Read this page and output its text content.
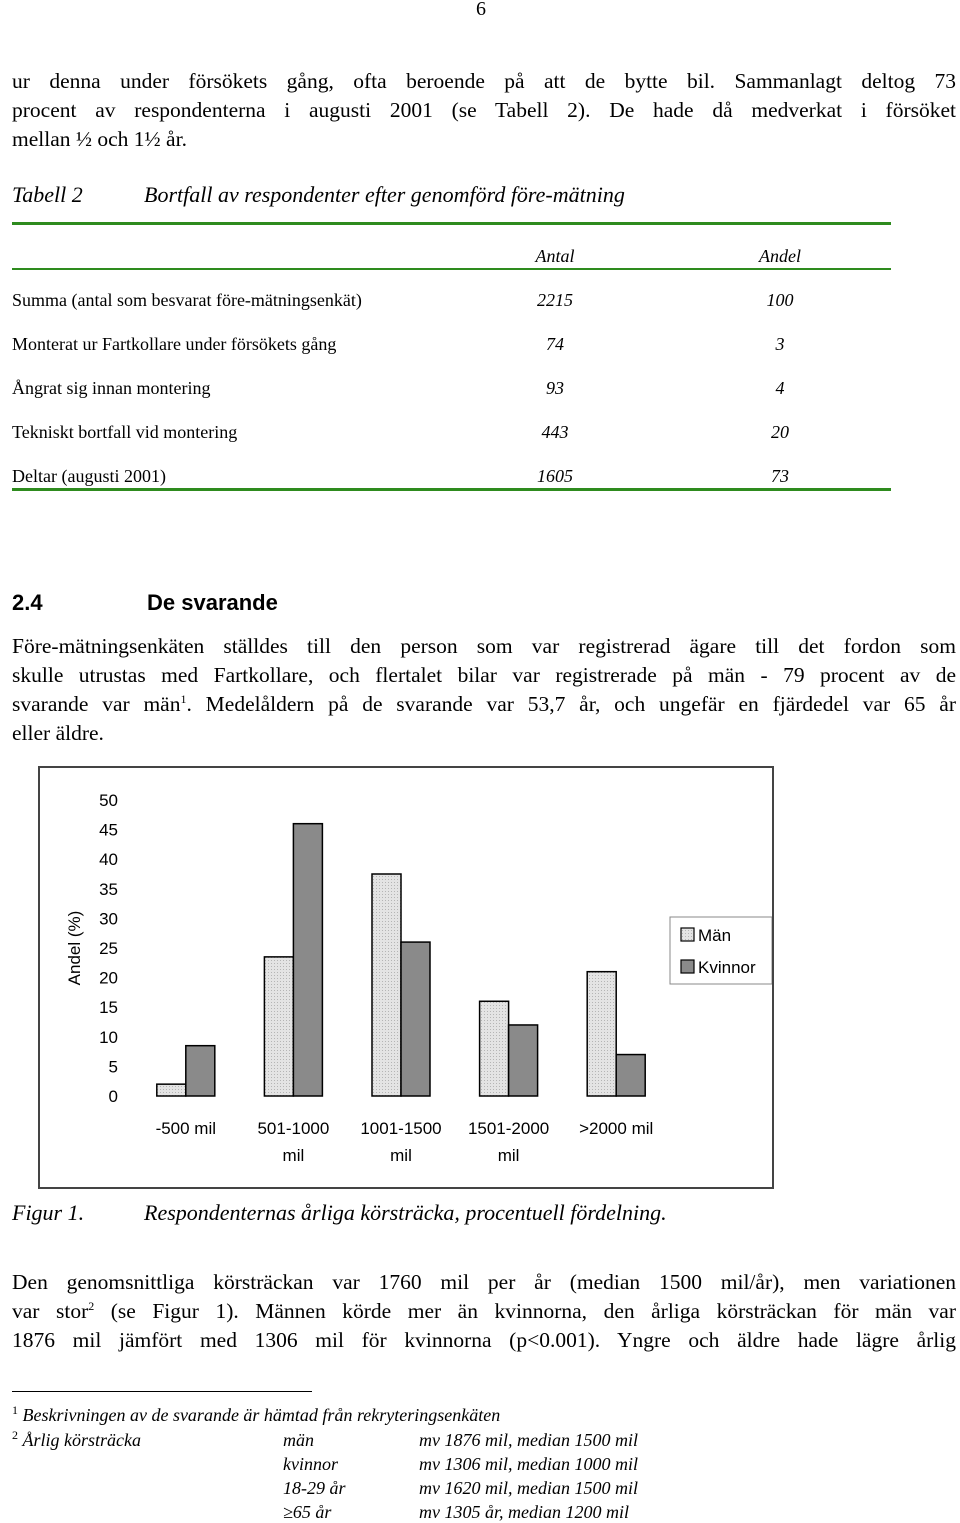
6
ur denna under försökets gång, ofta beroende på att de bytte bil. Sammanlagt deltog 73
procent av respondenterna i augusti 2001 (se Tabell 2). De hade då medverkat i försöket
mellan ½ och 1½ år.
Tabell 2	Bortfall av respondenter efter genomförd före-mätning
Antal	Andel
Summa (antal som besvarat före-mätningsenkät)	2215	100
Monterat ur Fartkollare under försökets gång	74	3
Ångrat sig innan montering	93	4
Tekniskt bortfall vid montering	443	20
Deltar (augusti 2001)	1605	73
2.4	De svarande
Före-mätningsenkäten ställdes till den person som var registrerad ägare till det fordon som
skulle utrustas med Fartkollare, och flertalet bilar var registrerade på män - 79 procent av de
svarande var män$^1$. Medelåldern på de svarande var 53,7 år, och ungefär en fjärdedel var 65 år
eller äldre.
0
5
10
15
20
25
30
35
40
45
50
Andel (%)
-500 mil 501-1000
mil
1001-1500
mil
1501-2000
mil
>2000 mil
Män
Kvinnor
Figur 1.	Respondenternas årliga körsträcka, procentuell fördelning.
Den genomsnittliga körsträckan var 1760 mil per år (median 1500 mil/år), men variationen
var stor$^2$ (se Figur 1). Männen körde mer än kvinnorna, den årliga körsträckan för män var
1876 mil jämfört med 1306 mil för kvinnorna (p<0.001). Yngre och äldre hade lägre årlig
$^1$ Beskrivningen av de svarande är hämtad från rekryteringsenkäten
$^2$ Årlig körsträcka	män	mv 1876 mil, median 1500 mil
kvinnor	mv 1306 mil, median 1000 mil
18-29 år	mv 1620 mil, median 1500 mil
≥65 år	mv 1305 år, median 1200 mil
